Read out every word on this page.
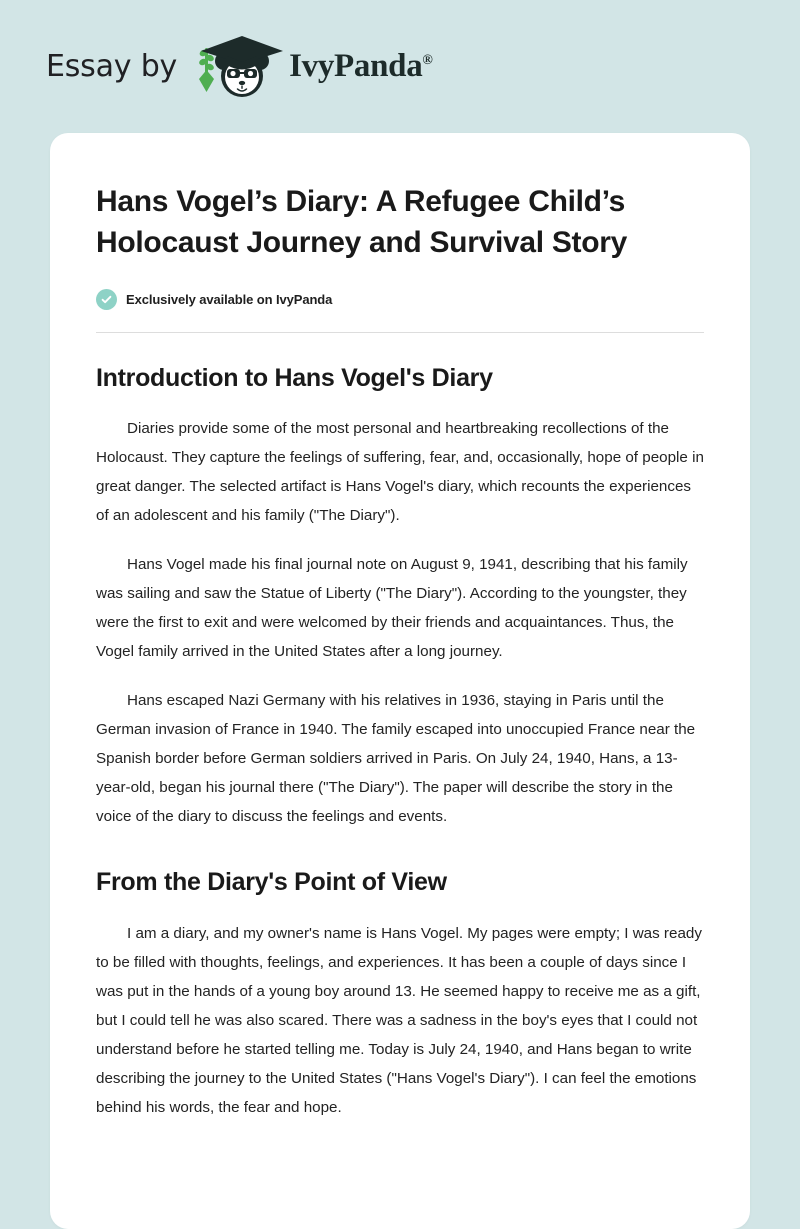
Essay by	IvyPanda®
Hans Vogel’s Diary: A Refugee Child’s Holocaust Journey and Survival Story
Exclusively available on IvyPanda
Introduction to Hans Vogel's Diary

Diaries provide some of the most personal and heartbreaking recollections of the Holocaust. They capture the feelings of suffering, fear, and, occasionally, hope of people in great danger. The selected artifact is Hans Vogel's diary, which recounts the experiences of an adolescent and his family ("The Diary").

Hans Vogel made his final journal note on August 9, 1941, describing that his family was sailing and saw the Statue of Liberty ("The Diary"). According to the youngster, they were the first to exit and were welcomed by their friends and acquaintances. Thus, the Vogel family arrived in the United States after a long journey.

Hans escaped Nazi Germany with his relatives in 1936, staying in Paris until the German invasion of France in 1940. The family escaped into unoccupied France near the Spanish border before German soldiers arrived in Paris. On July 24, 1940, Hans, a 13-year-old, began his journal there ("The Diary"). The paper will describe the story in the voice of the diary to discuss the feelings and events.

From the Diary's Point of View

I am a diary, and my owner's name is Hans Vogel. My pages were empty; I was ready to be filled with thoughts, feelings, and experiences. It has been a couple of days since I was put in the hands of a young boy around 13. He seemed happy to receive me as a gift, but I could tell he was also scared. There was a sadness in the boy's eyes that I could not understand before he started telling me. Today is July 24, 1940, and Hans began to write describing the journey to the United States ("Hans Vogel's Diary"). I can feel the emotions behind his words, the fear and hope.
